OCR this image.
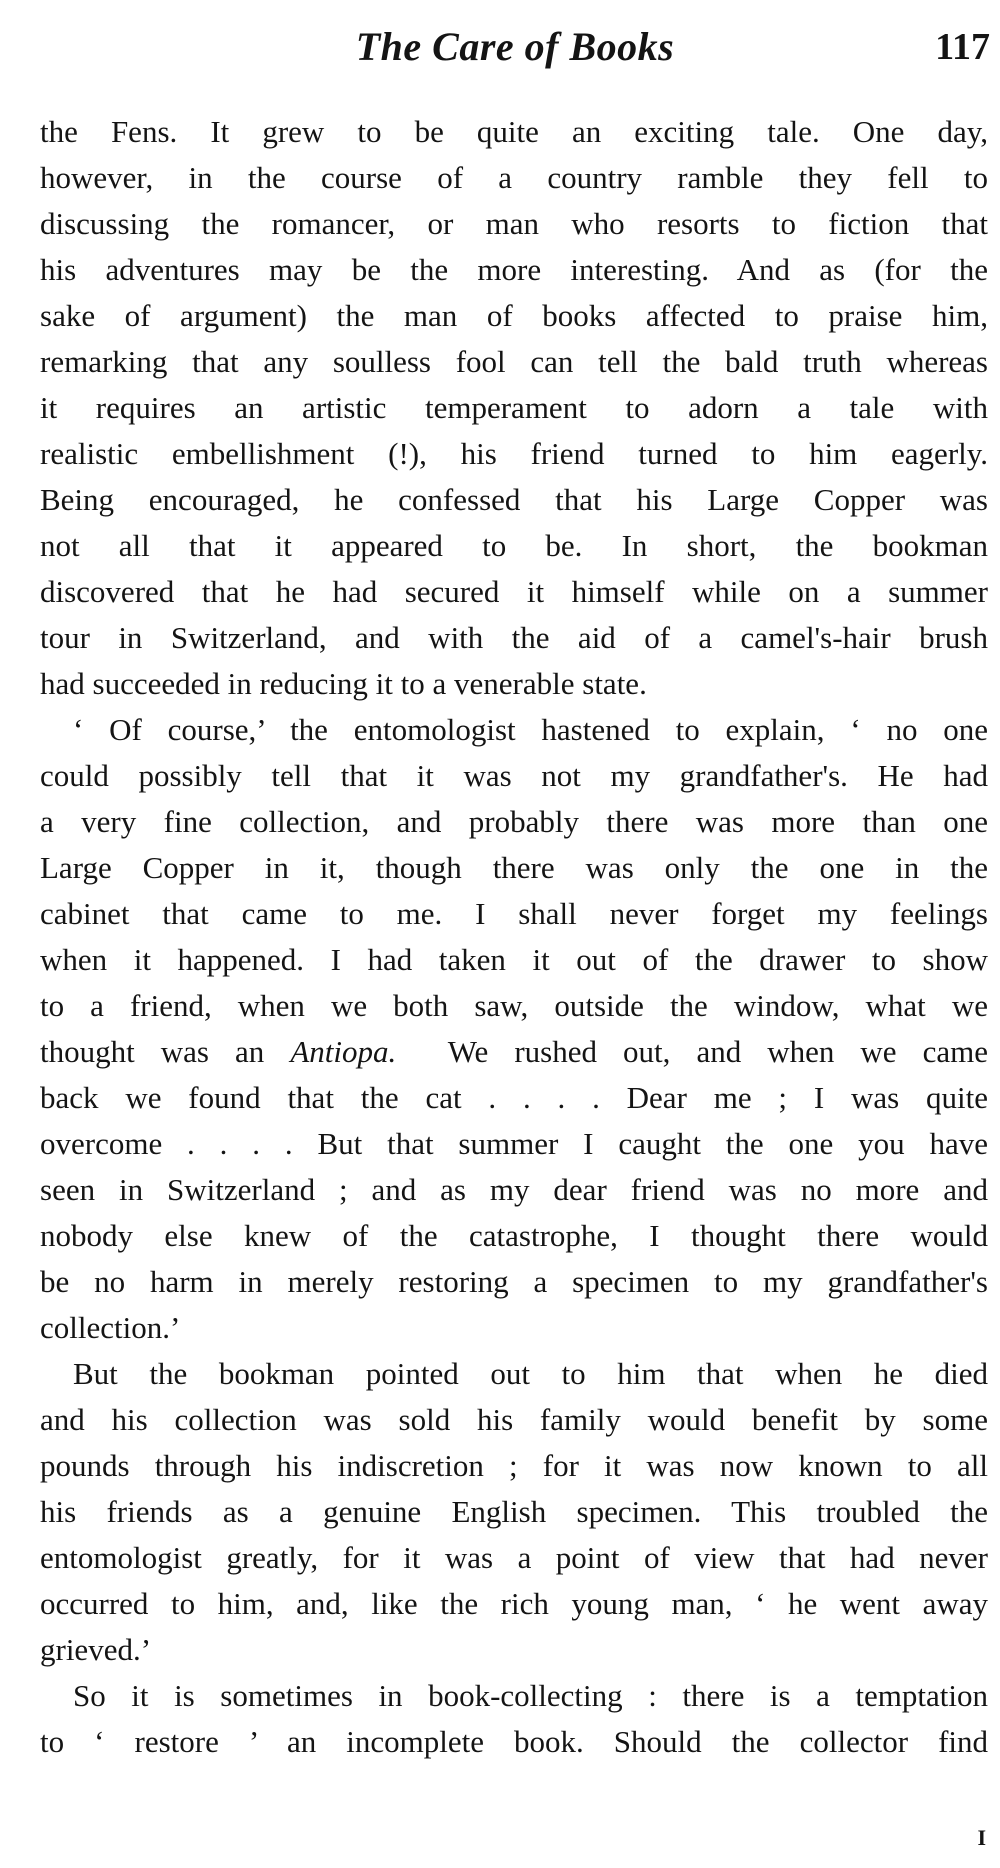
The Care of Books	117

the Fens. It grew to be quite an exciting tale. One day,
however, in the course of a country ramble they fell to
discussing the romancer, or man who resorts to fiction that
his adventures may be the more interesting. And as (for the
sake of argument) the man of books affected to praise him,
remarking that any soulless fool can tell the bald truth whereas
it requires an artistic temperament to adorn a tale with
realistic embellishment (!), his friend turned to him eagerly.
Being encouraged, he confessed that his Large Copper was
not all that it appeared to be. In short, the bookman
discovered that he had secured it himself while on a summer
tour in Switzerland, and with the aid of a camel's-hair brush
had succeeded in reducing it to a venerable state.

‘ Of course,’ the entomologist hastened to explain, ‘ no one
could possibly tell that it was not my grandfather's. He had
a very fine collection, and probably there was more than one
Large Copper in it, though there was only the one in the
cabinet that came to me. I shall never forget my feelings
when it happened. I had taken it out of the drawer to show
to a friend, when we both saw, outside the window, what we
thought was an Antiopa. We rushed out, and when we came
back we found that the cat . . . . Dear me ; I was quite
overcome . . . . But that summer I caught the one you have
seen in Switzerland ; and as my dear friend was no more and
nobody else knew of the catastrophe, I thought there would
be no harm in merely restoring a specimen to my grandfather's
collection.’

But the bookman pointed out to him that when he died
and his collection was sold his family would benefit by some
pounds through his indiscretion ; for it was now known to all
his friends as a genuine English specimen. This troubled the
entomologist greatly, for it was a point of view that had never
occurred to him, and, like the rich young man, ‘ he went away
grieved.’

So it is sometimes in book-collecting : there is a temptation
to ‘ restore ’ an incomplete book. Should the collector find

I
